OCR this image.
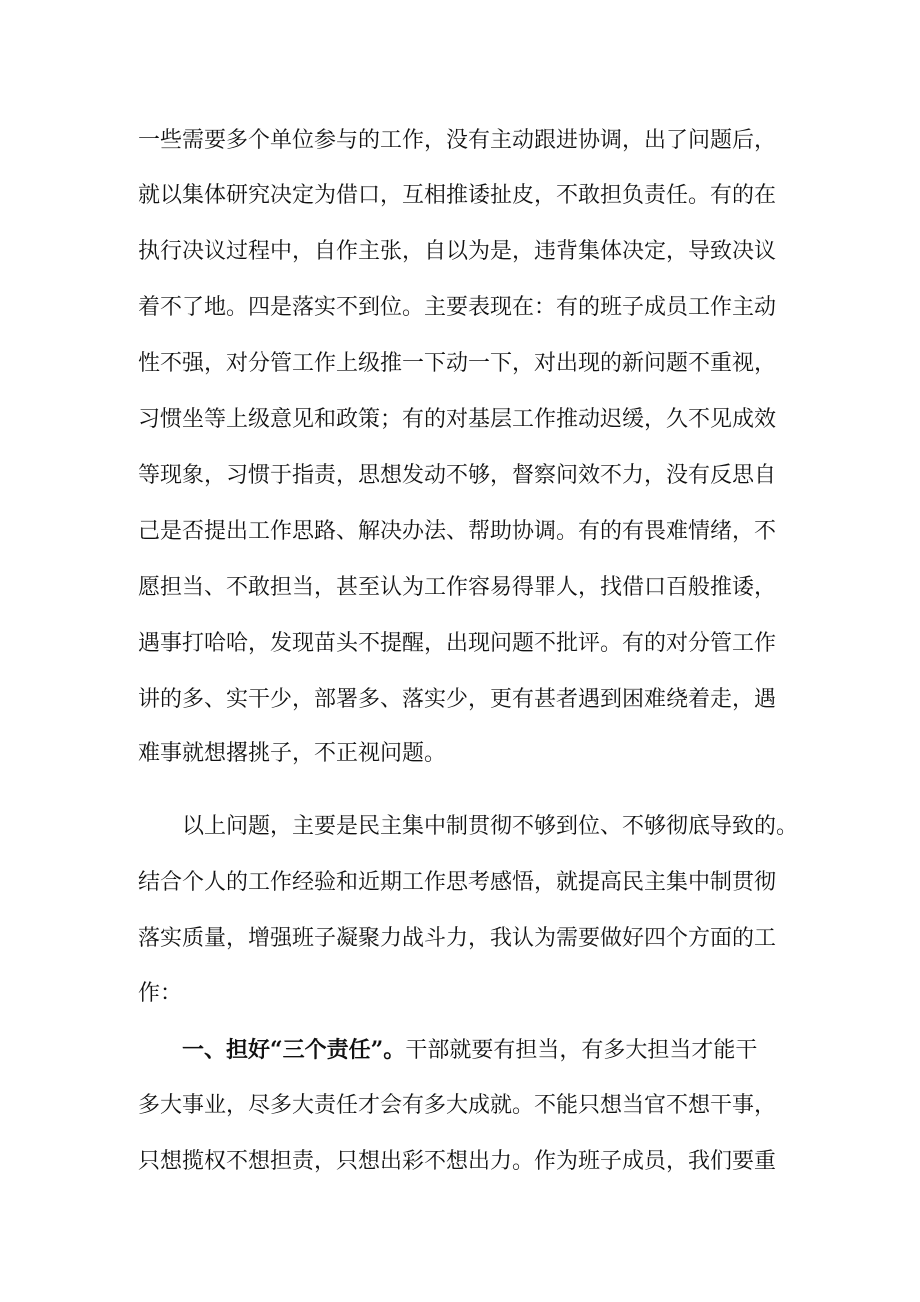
一些需要多个单位参与的工作，没有主动跟进协调，出了问题后，
就以集体研究决定为借口，互相推诿扯皮，不敢担负责任。有的在
执行决议过程中，自作主张，自以为是，违背集体决定，导致决议
着不了地。四是落实不到位。主要表现在：有的班子成员工作主动
性不强，对分管工作上级推一下动一下，对出现的新问题不重视，
习惯坐等上级意见和政策；有的对基层工作推动迟缓，久不见成效
等现象，习惯于指责，思想发动不够，督察问效不力，没有反思自
己是否提出工作思路、解决办法、帮助协调。有的有畏难情绪，不
愿担当、不敢担当，甚至认为工作容易得罪人，找借口百般推诿，
遇事打哈哈，发现苗头不提醒，出现问题不批评。有的对分管工作
讲的多、实干少，部署多、落实少，更有甚者遇到困难绕着走，遇
难事就想撂挑子，不正视问题。
以上问题，主要是民主集中制贯彻不够到位、不够彻底导致的。
结合个人的工作经验和近期工作思考感悟，就提高民主集中制贯彻
落实质量，增强班子凝聚力战斗力，我认为需要做好四个方面的工
作：
一、担好“三个责任”。干部就要有担当，有多大担当才能干
多大事业，尽多大责任才会有多大成就。不能只想当官不想干事，
只想揽权不想担责，只想出彩不想出力。作为班子成员，我们要重
